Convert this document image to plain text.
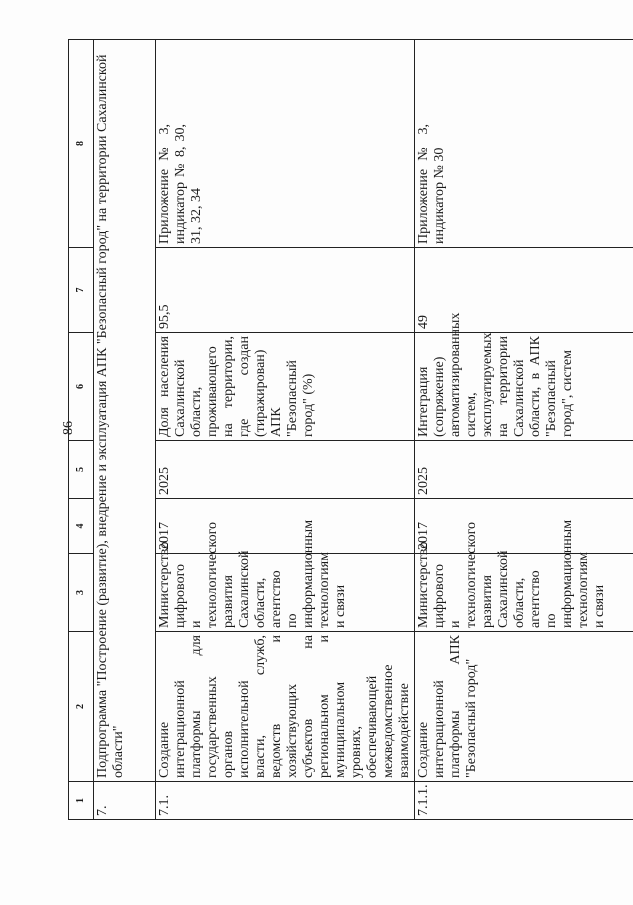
86
1	2	3	4	5	6	7	8
7.	Подпрограмма "Построение (развитие), внедрение и эксплуатация АПК "Безопасный город" на территории Сахалинской области"						
7.1.	Создание интеграционной платформы для государственных органов исполнительной власти, служб, ведомств и хозяйствующих субъектов на региональном и муниципальном уровнях, обеспечивающей межведомственное взаимодействие	Министерство цифрового и технологического развития Сахалинской области, агентство по информационным технологиям и связи	2017	2025	Доля населения Сахалинской области, проживающего на территории, где создан (тиражирован) АПК "Безопасный город" (%)	95,5	Приложение № 3, индикатор № 8, 30, 31, 32, 34

7.1.1.	Создание интеграционной платформы АПК "Безопасный город"	Министерство цифрового и технологического развития Сахалинской области, агентство по информационным технологиям и связи	2017	2025	Интеграция (сопряжение) автоматизированных систем, эксплуатируемых на территории Сахалинской области, в АПК "Безопасный город", систем	49	Приложение № 3, индикатор № 30
